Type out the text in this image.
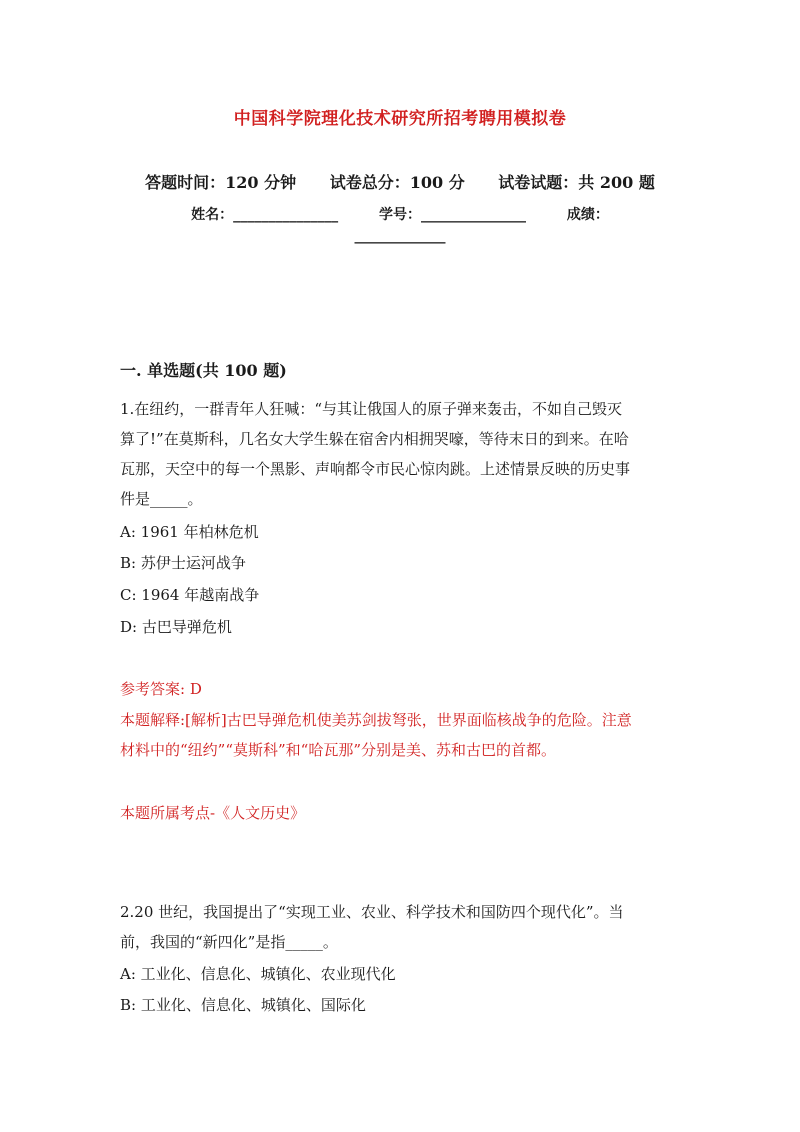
中国科学院理化技术研究所招考聘用模拟卷
答题时间：120 分钟 试卷总分：100 分 试卷试题：共 200 题
姓名：_______________	学号：_______________	成绩：
_____________
一. 单选题(共 100 题)
1.在纽约，一群青年人狂喊：“与其让俄国人的原子弹来轰击，不如自己毁灭
算了!”在莫斯科，几名女大学生躲在宿舍内相拥哭嚎，等待末日的到来。在哈
瓦那，天空中的每一个黑影、声响都令市民心惊肉跳。上述情景反映的历史事
件是_____。
A: 1961 年柏林危机
B: 苏伊士运河战争
C: 1964 年越南战争
D: 古巴导弹危机
参考答案: D
本题解释:[解析]古巴导弹危机使美苏剑拔弩张，世界面临核战争的危险。注意
材料中的“纽约”“莫斯科”和“哈瓦那”分别是美、苏和古巴的首都。
本题所属考点-《人文历史》
2.20 世纪，我国提出了“实现工业、农业、科学技术和国防四个现代化”。当
前，我国的“新四化”是指_____。
A: 工业化、信息化、城镇化、农业现代化
B: 工业化、信息化、城镇化、国际化
